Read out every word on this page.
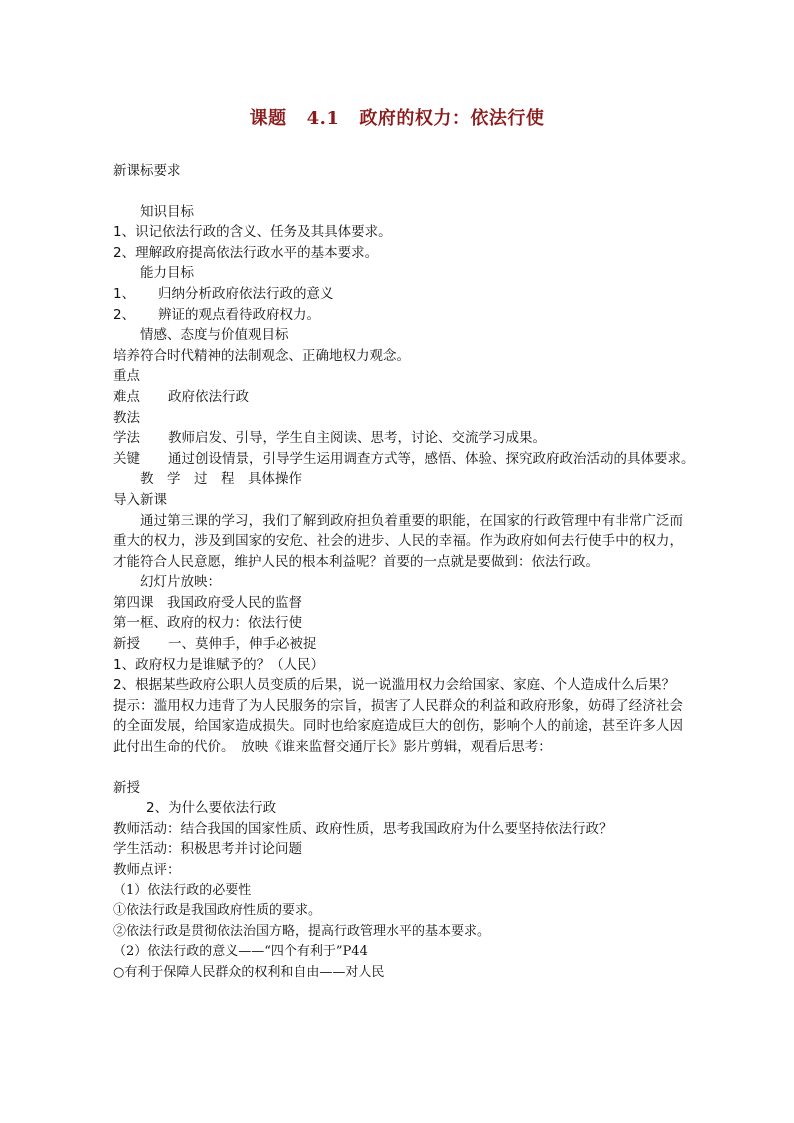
课题 4.1 政府的权力：依法行使
新课标要求
知识目标
1、识记依法行政的含义、任务及其具体要求。
2、理解政府提高依法行政水平的基本要求。
能力目标
1、 归纳分析政府依法行政的意义
2、 辨证的观点看待政府权力。
情感、态度与价值观目标
培养符合时代精神的法制观念、正确地权力观念。
重点
难点 政府依法行政
教法
学法 教师启发、引导，学生自主阅读、思考，讨论、交流学习成果。
关键 通过创设情景，引导学生运用调查方式等，感悟、体验、探究政府政治活动的具体要求。
教　学　过　程　具体操作
导入新课
通过第三课的学习，我们了解到政府担负着重要的职能，在国家的行政管理中有非常广泛而重大的权力，涉及到国家的安危、社会的进步、人民的幸福。作为政府如何去行使手中的权力，才能符合人民意愿，维护人民的根本利益呢？首要的一点就是要做到：依法行政。
幻灯片放映：
第四课　我国政府受人民的监督
第一框、政府的权力：依法行使
新授 一、莫伸手，伸手必被捉
1、政府权力是谁赋予的？（人民）
2、根据某些政府公职人员变质的后果，说一说滥用权力会给国家、家庭、个人造成什么后果？
提示：滥用权力违背了为人民服务的宗旨，损害了人民群众的利益和政府形象，妨碍了经济社会的全面发展，给国家造成损失。同时也给家庭造成巨大的创伤，影响个人的前途，甚至许多人因此付出生命的代价。　放映《谁来监督交通厅长》影片剪辑，观看后思考：
新授
2、为什么要依法行政
教师活动：结合我国的国家性质、政府性质，思考我国政府为什么要坚持依法行政？
学生活动：积极思考并讨论问题
教师点评：
（1）依法行政的必要性
①依法行政是我国政府性质的要求。
②依法行政是贯彻依法治国方略，提高行政管理水平的基本要求。
（2）依法行政的意义——“四个有利于”P44
○有利于保障人民群众的权利和自由——对人民
